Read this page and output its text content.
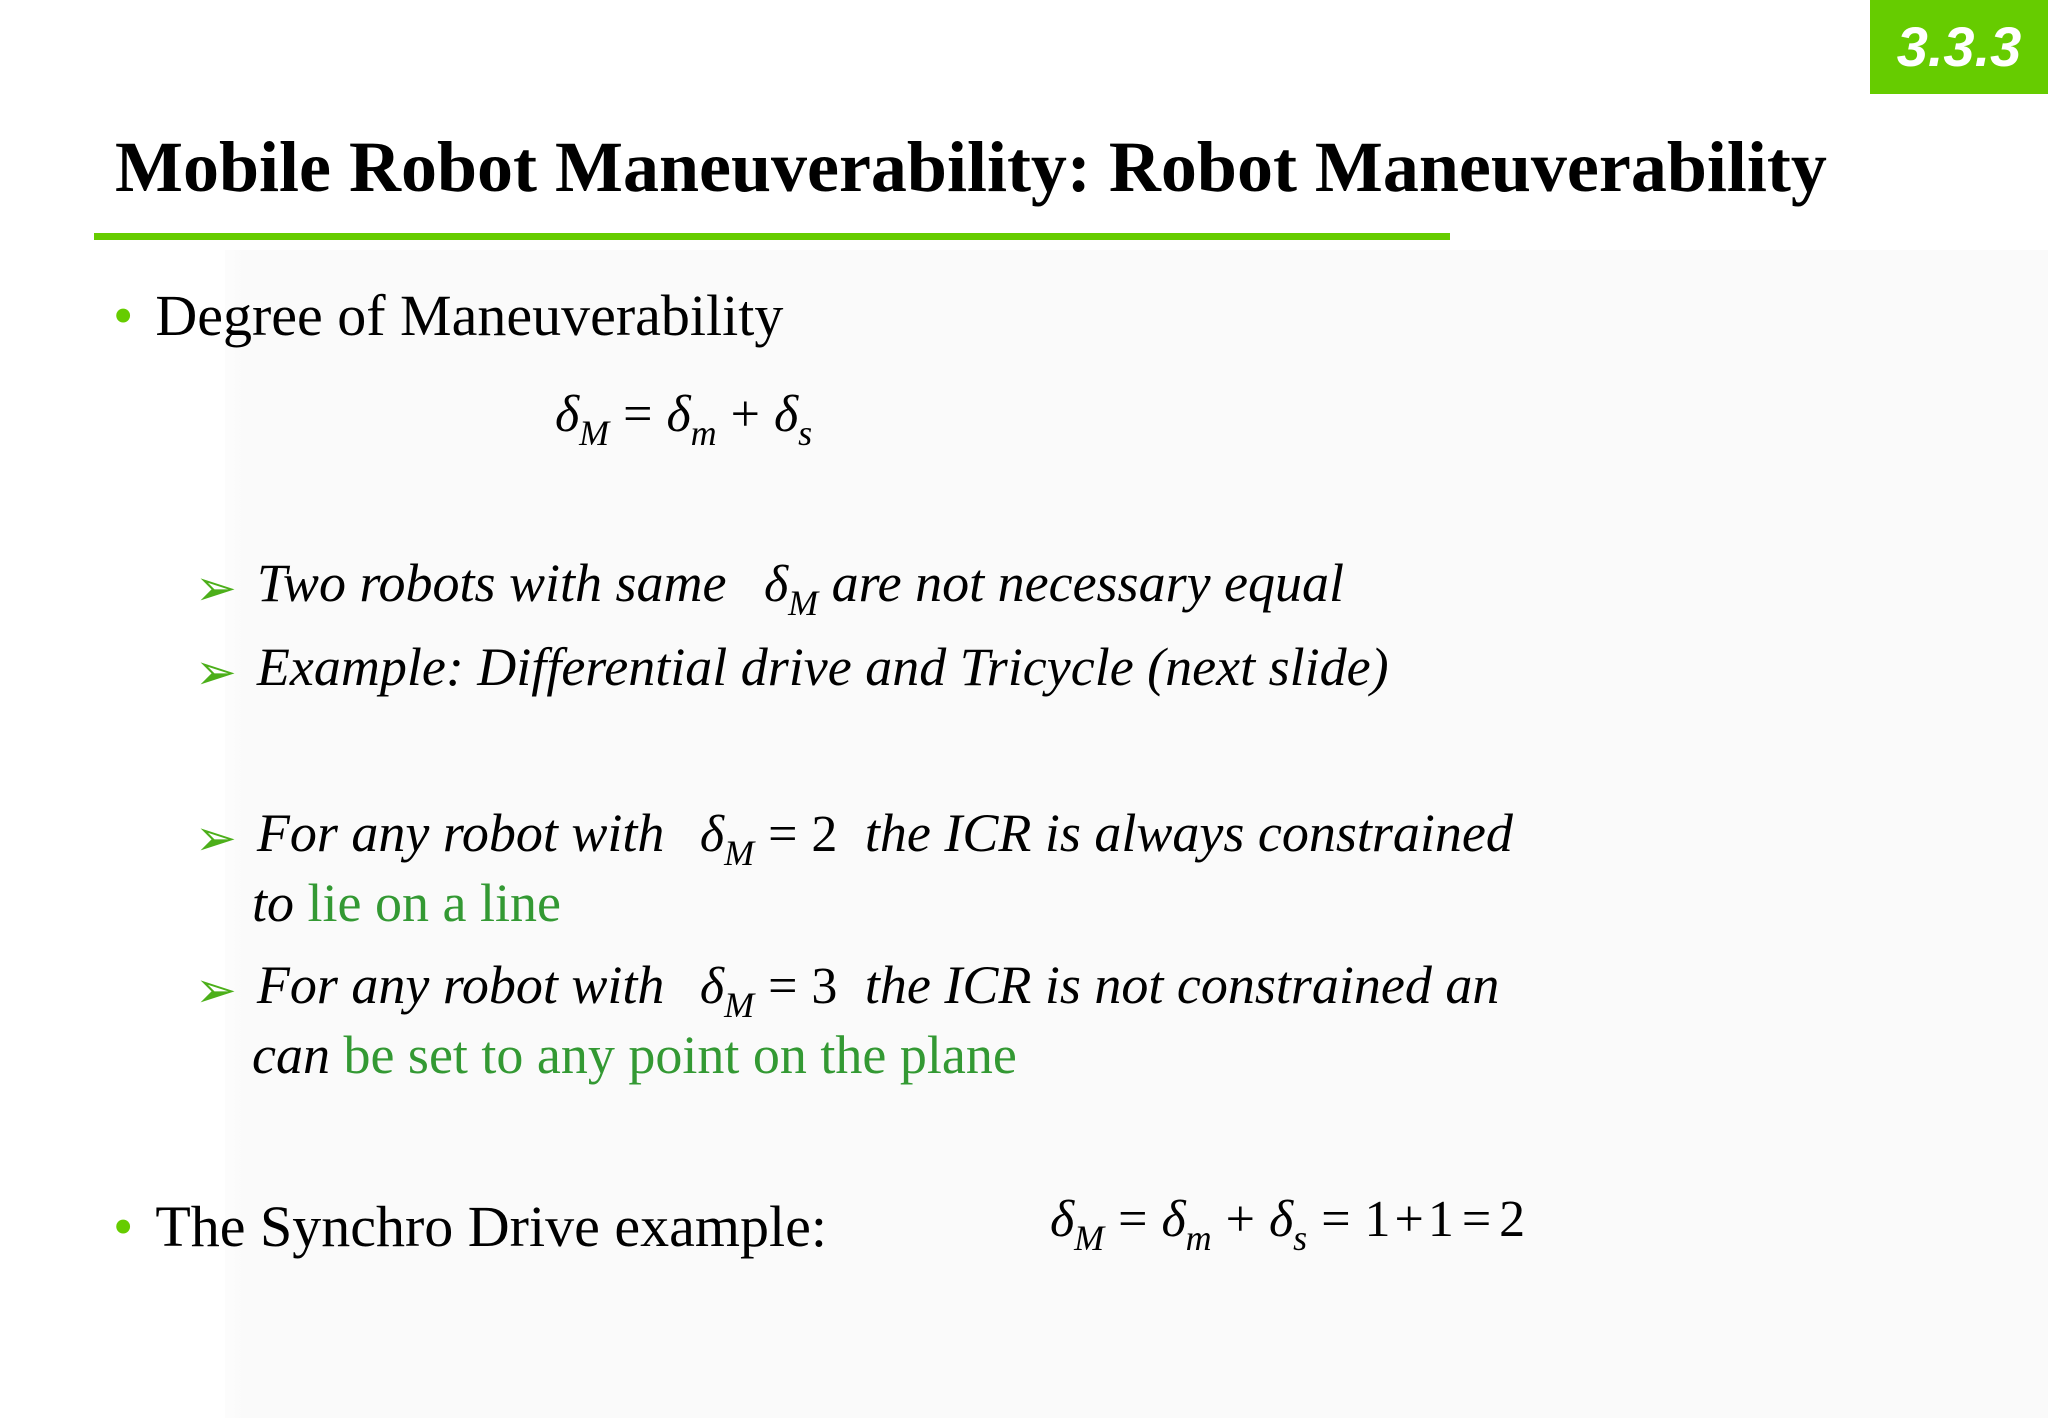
3.3.3
Mobile Robot Maneuverability: Robot Maneuverability
• Degree of Maneuverability
$\delta_M = \delta_m + \delta_s$
➢ Two robots with same $\delta_M$ are not necessary equal
➢ Example: Differential drive and Tricycle (next slide)
➢ For any robot with $\delta_M = 2$ the ICR is always constrained
to lie on a line
➢ For any robot with $\delta_M = 3$ the ICR is not constrained an
can be set to any point on the plane
• The Synchro Drive example:	$\delta_M = \delta_m + \delta_s = 1+1 = 2$
